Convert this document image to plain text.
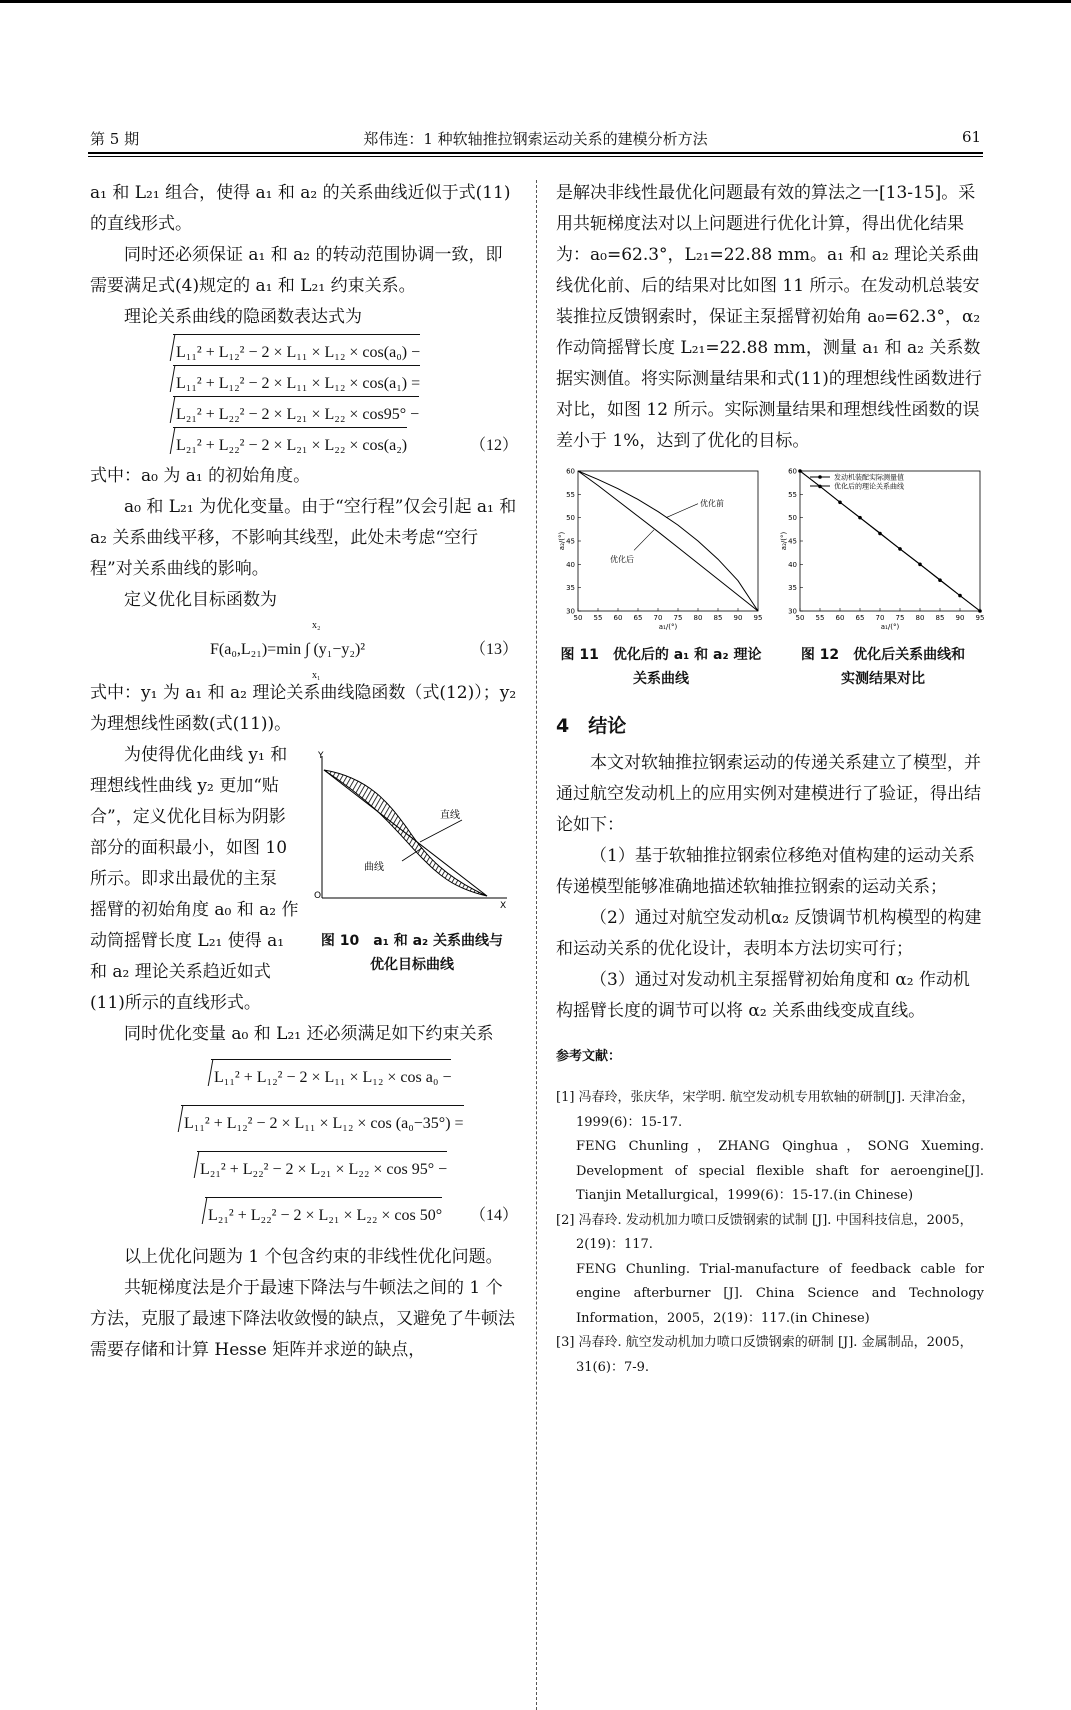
第 5 期	郑伟连：1 种软轴推拉钢索运动关系的建模分析方法	61

a₁ 和 L₂₁ 组合，使得 a₁ 和 a₂ 的关系曲线近似于式(11)的直线形式。

同时还必须保证 a₁ 和 a₂ 的转动范围协调一致，即需要满足式(4)规定的 a₁ 和 L₂₁ 约束关系。

理论关系曲线的隐函数表达式为

L₁₁² + L₁₂² − 2 × L₁₁ × L₁₂ × cos(a₀) −
L₁₁² + L₁₂² − 2 × L₁₁ × L₁₂ × cos(a₁) =
L₂₁² + L₂₂² − 2 × L₂₁ × L₂₂ × cos95° −
L₂₁² + L₂₂² − 2 × L₂₁ × L₂₂ × cos(a₂)	（12）

式中：a₀ 为 a₁ 的初始角度。

a₀ 和 L₂₁ 为优化变量。由于“空行程”仅会引起 a₁ 和 a₂ 关系曲线平移，不影响其线型，此处未考虑“空行程”对关系曲线的影响。

定义优化目标函数为

F(a₀,L₂₁)=min ∫ (y₁−y₂)²
x₂
x₁
（13）

式中：y₁ 为 a₁ 和 a₂ 理论关系曲线隐函数（式(12)）；y₂ 为理想线性函数(式(11))。

为使得优化曲线 y₁ 和
理想线性曲线 y₂ 更加“贴
合”，定义优化目标为阴影
部分的面积最小，如图 10
所示。即求出最优的主泵
摇臂的初始角度 a₀ 和 a₂ 作
动筒摇臂长度 L₂₁ 使得 a₁
和 a₂ 理论关系趋近如式
(11)所示的直线形式。
Y
O
X
直线
曲线
图 10　a₁ 和 a₂ 关系曲线与
优化目标曲线

同时优化变量 a₀ 和 L₂₁ 还必须满足如下约束关系

L₁₁² + L₁₂² − 2 × L₁₁ × L₁₂ × cos a₀ −
L₁₁² + L₁₂² − 2 × L₁₁ × L₁₂ × cos (a₀−35°) =
L₂₁² + L₂₂² − 2 × L₂₁ × L₂₂ × cos 95° −
L₂₁² + L₂₂² − 2 × L₂₁ × L₂₂ × cos 50° （14）

以上优化问题为 1 个包含约束的非线性优化问题。

共轭梯度法是介于最速下降法与牛顿法之间的 1 个方法，克服了最速下降法收敛慢的缺点，又避免了牛顿法需要存储和计算 Hesse 矩阵并求逆的缺点，

是解决非线性最优化问题最有效的算法之一[13-15]。采用共轭梯度法对以上问题进行优化计算，得出优化结果为：a₀=62.3°，L₂₁=22.88 mm。a₁ 和 a₂ 理论关系曲线优化前、后的结果对比如图 11 所示。在发动机总装安装推拉反馈钢索时，保证主泵摇臂初始角 a₀=62.3°，α₂ 作动筒摇臂长度 L₂₁=22.88 mm，测量 a₁ 和 a₂ 关系数据实测值。将实际测量结果和式(11)的理想线性函数进行对比，如图 12 所示。实际测量结果和理想线性函数的误差小于 1%，达到了优化的目标。

50 55 60 65 70 75 80 85 90 95
60
55
50
45
40
35
30
a₁/(°)
a₂/(°)
优化前
优化后
50 55 60 65 70 75 80 85 90 95
60
55
50
45
40
35
30
a₁/(°)
a₂/(°)
发动机装配实际测量值
优化后的理论关系曲线
图 11　优化后的 a₁ 和 a₂ 理论
关系曲线
图 12　优化后关系曲线和
实测结果对比
4　结论

本文对软轴推拉钢索运动的传递关系建立了模型，并通过航空发动机上的应用实例对建模进行了验证，得出结论如下：

（1）基于软轴推拉钢索位移绝对值构建的运动关系传递模型能够准确地描述软轴推拉钢索的运动关系；

（2）通过对航空发动机α₂ 反馈调节机构模型的构建和运动关系的优化设计，表明本方法切实可行；

（3）通过对发动机主泵摇臂初始角度和 α₂ 作动机构摇臂长度的调节可以将 α₂ 关系曲线变成直线。

参考文献：
[1] 冯春玲，张庆华，宋学明. 航空发动机专用软轴的研制[J]. 天津冶金，1999(6)：15-17.
FENG Chunling，ZHANG Qinghua，SONG Xueming. Development of special flexible shaft for aeroengine[J]. Tianjin Metallurgical，1999(6)：15-17.(in Chinese)
[2] 冯春玲. 发动机加力喷口反馈钢索的试制 [J]. 中国科技信息，2005，2(19)：117.
FENG Chunling. Trial-manufacture of feedback cable for engine afterburner [J]. China Science and Technology Information，2005，2(19)：117.(in Chinese)
[3] 冯春玲. 航空发动机加力喷口反馈钢索的研制 [J]. 金属制品，2005，31(6)：7-9.
